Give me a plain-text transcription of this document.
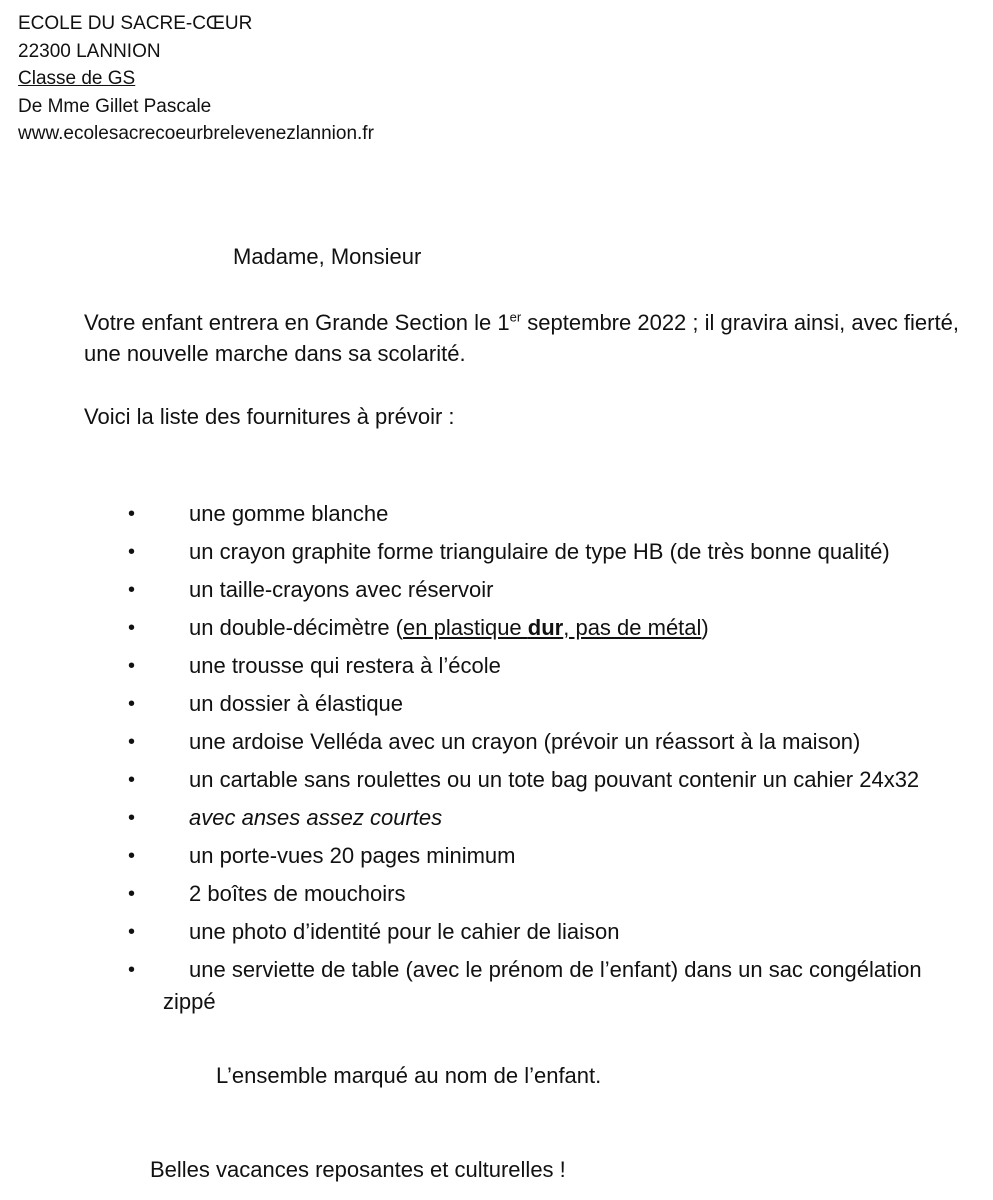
ECOLE DU SACRE-CŒUR
22300 LANNION
Classe de GS
De Mme Gillet Pascale
www.ecolesacrecoeurbrelevenezlannion.fr
Madame, Monsieur
Votre enfant entrera en Grande Section le 1er septembre 2022 ; il gravira ainsi, avec fierté, une nouvelle marche dans sa scolarité.
Voici la liste des fournitures à prévoir :
• une gomme blanche
• un crayon graphite forme triangulaire de type HB (de très bonne qualité)
• un taille-crayons avec réservoir
• un double-décimètre (en plastique dur, pas de métal)
• une trousse qui restera à l’école
• un dossier à élastique
• une ardoise Velléda avec un crayon (prévoir un réassort à la maison)
• un cartable sans roulettes ou un tote bag pouvant contenir un cahier 24x32
• avec anses assez courtes
• un porte-vues 20 pages minimum
• 2 boîtes de mouchoirs
• une photo d’identité pour le cahier de liaison
• une serviette de table (avec le prénom de l’enfant) dans un sac congélation
zippé
L’ensemble marqué au nom de l’enfant.
Belles vacances reposantes et culturelles !
